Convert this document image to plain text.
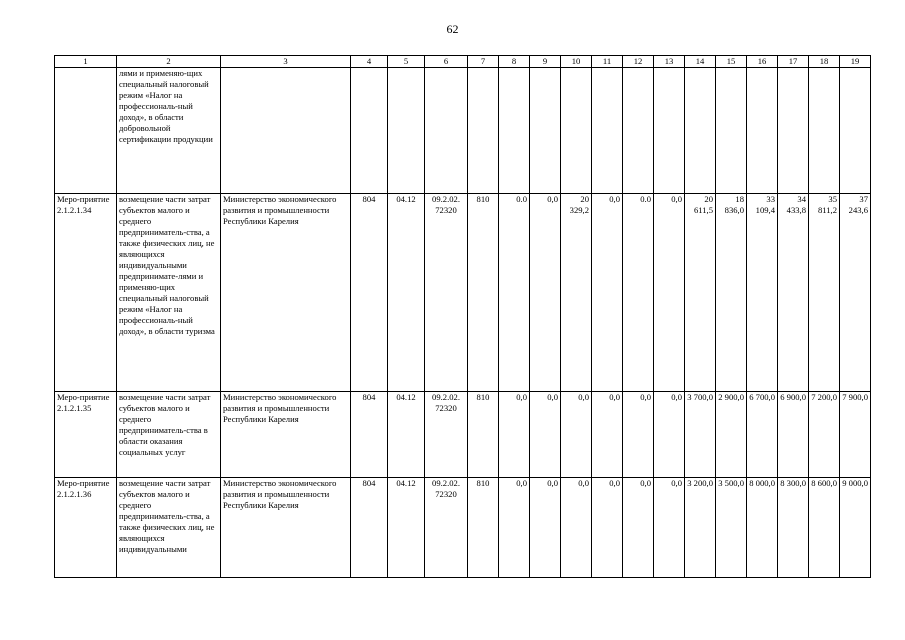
62
1	2	3	4	5	6	7	8	9	10	11	12	13	14	15	16	17	18	19
	лями и применяю-щих специальный налоговый режим «Налог на профессиональ-ный доход», в области добровольной сертификации продукции																	
Меро-приятие 2.1.2.1.34	возмещение части затрат субъектов малого и среднего предприниматель-ства, а также физических лиц, не являющихся индивидуальными предпринимате-лями и применяю-щих специальный налоговый режим «Налог на профессиональ-ный доход», в области туризма	Министерство экономического развития и промышленности Республики Карелия	804	04.12	09.2.02. 72320	810	0.0	0,0	20 329,2	0,0	0.0	0,0	20 611,5	18 836,0	33 109,4	34 433,8	35 811,2	37 243,6
Меро-приятие 2.1.2.1.35	возмещение части затрат субъектов малого и среднего предприниматель-ства в области оказания социальных услуг	Министерство экономического развития и промышленности Республики Карелия	804	04.12	09.2.02. 72320	810	0,0	0,0	0,0	0,0	0,0	0,0	3 700,0	2 900,0	6 700,0	6 900,0	7 200,0	7 900,0
Меро-приятие 2.1.2.1.36	возмещение части затрат субъектов малого и среднего предприниматель-ства, а также физических лиц, не являющихся индивидуальными	Министерство экономического развития и промышленности Республики Карелия	804	04.12	09.2.02. 72320	810	0,0	0,0	0,0	0,0	0,0	0,0	3 200,0	3 500,0	8 000,0	8 300,0	8 600,0	9 000,0
